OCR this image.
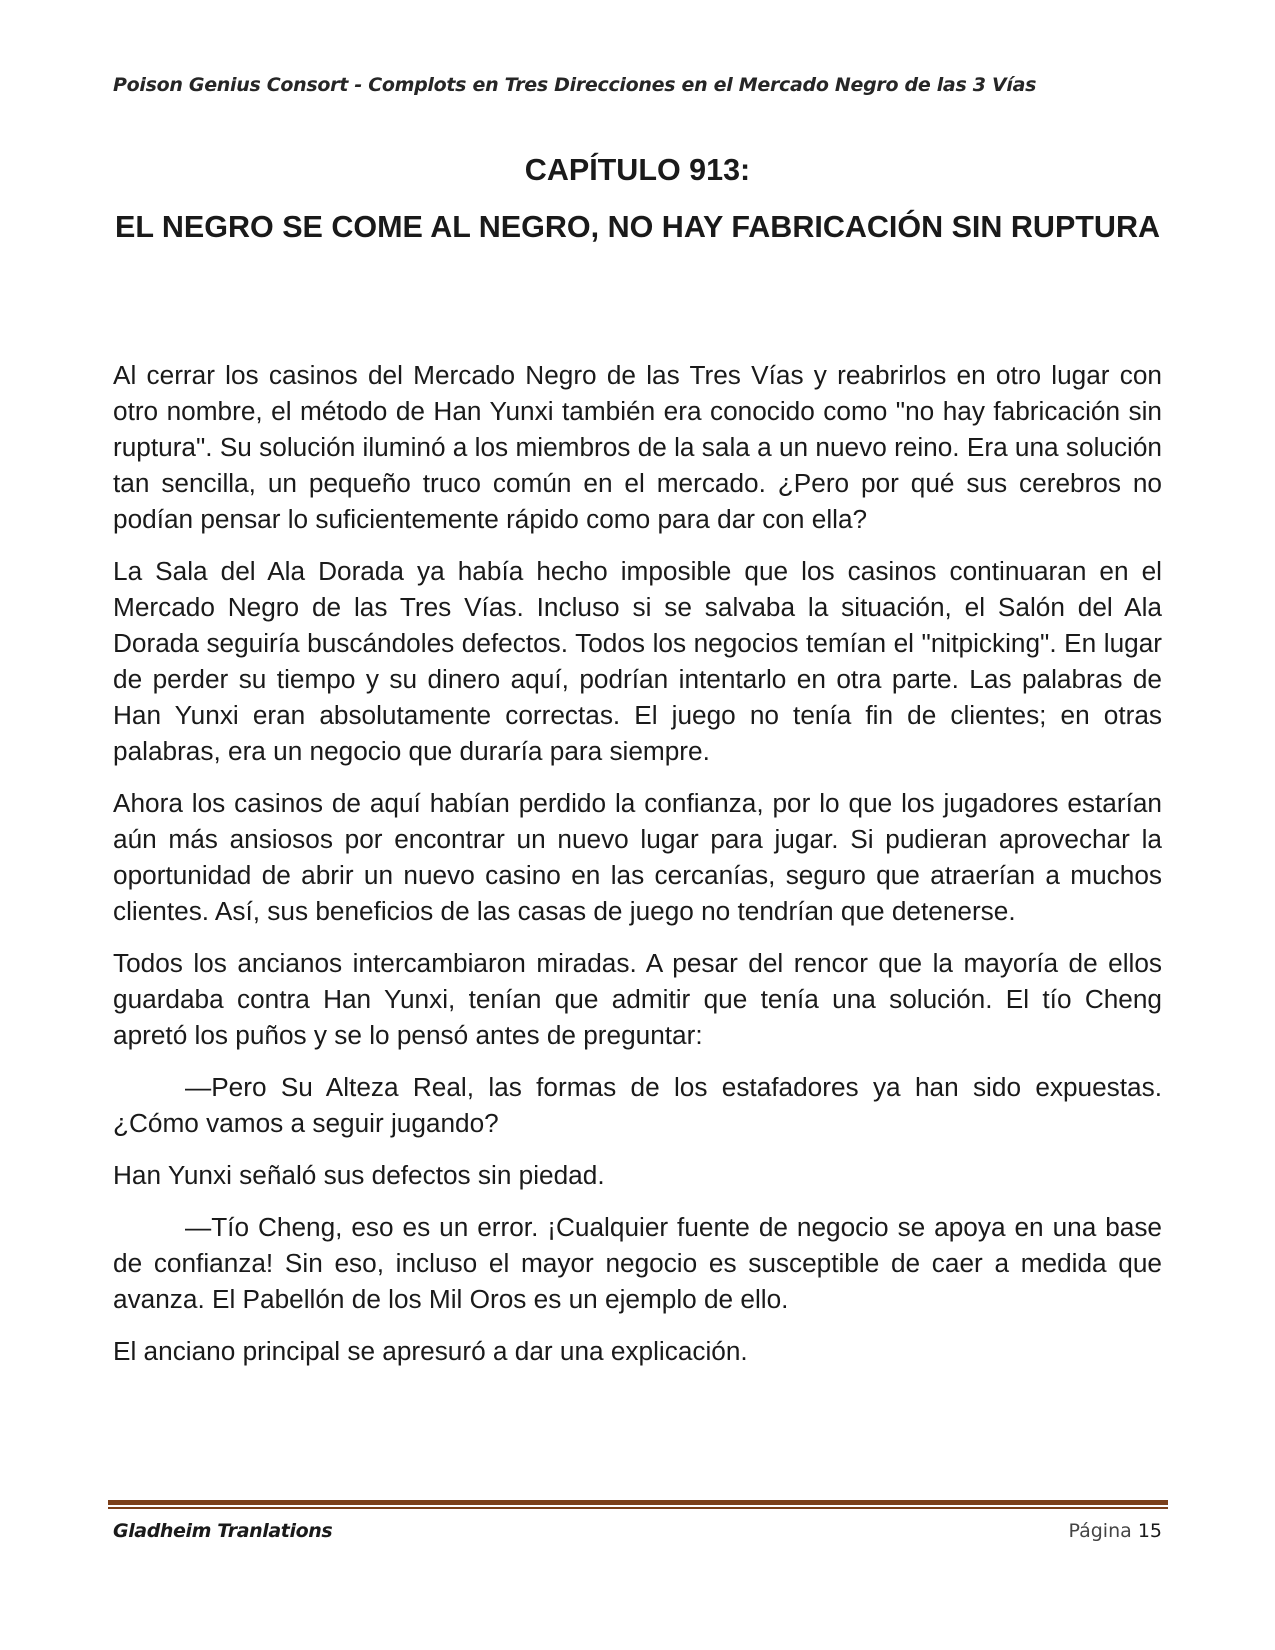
Poison Genius Consort - Complots en Tres Direcciones en el Mercado Negro de las 3 Vías
CAPÍTULO 913:
EL NEGRO SE COME AL NEGRO, NO HAY FABRICACIÓN SIN RUPTURA

Al cerrar los casinos del Mercado Negro de las Tres Vías y reabrirlos en otro lugar con otro nombre, el método de Han Yunxi también era conocido como "no hay fabricación sin ruptura". Su solución iluminó a los miembros de la sala a un nuevo reino. Era una solución tan sencilla, un pequeño truco común en el mercado. ¿Pero por qué sus cerebros no podían pensar lo suficientemente rápido como para dar con ella?

La Sala del Ala Dorada ya había hecho imposible que los casinos continuaran en el Mercado Negro de las Tres Vías. Incluso si se salvaba la situación, el Salón del Ala Dorada seguiría buscándoles defectos. Todos los negocios temían el "nitpicking". En lugar de perder su tiempo y su dinero aquí, podrían intentarlo en otra parte. Las palabras de Han Yunxi eran absolutamente correctas. El juego no tenía fin de clientes; en otras palabras, era un negocio que duraría para siempre.

Ahora los casinos de aquí habían perdido la confianza, por lo que los jugadores estarían aún más ansiosos por encontrar un nuevo lugar para jugar. Si pudieran aprovechar la oportunidad de abrir un nuevo casino en las cercanías, seguro que atraerían a muchos clientes. Así, sus beneficios de las casas de juego no tendrían que detenerse.

Todos los ancianos intercambiaron miradas. A pesar del rencor que la mayoría de ellos guardaba contra Han Yunxi, tenían que admitir que tenía una solución. El tío Cheng apretó los puños y se lo pensó antes de preguntar:

—Pero Su Alteza Real, las formas de los estafadores ya han sido expuestas. ¿Cómo vamos a seguir jugando?

Han Yunxi señaló sus defectos sin piedad.

—Tío Cheng, eso es un error. ¡Cualquier fuente de negocio se apoya en una base de confianza! Sin eso, incluso el mayor negocio es susceptible de caer a medida que avanza. El Pabellón de los Mil Oros es un ejemplo de ello.

El anciano principal se apresuró a dar una explicación.

Gladheim Tranlations	Página 15
